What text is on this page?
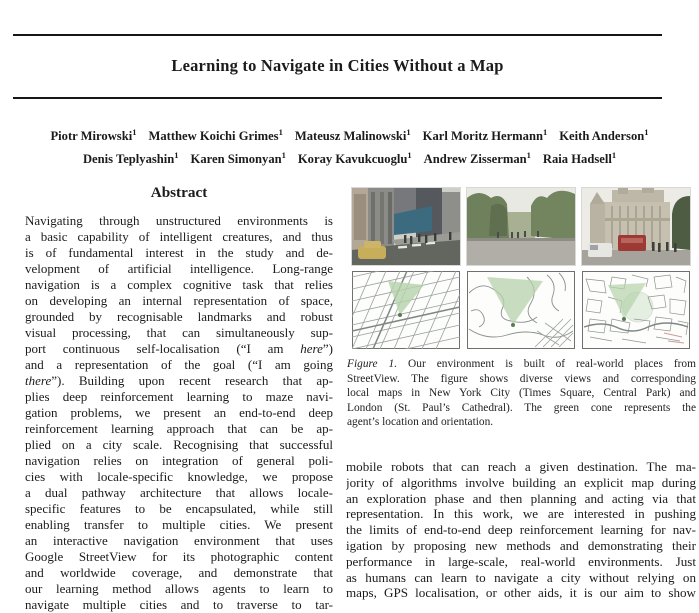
Learning to Navigate in Cities Without a Map
Piotr Mirowski$^1$ Matthew Koichi Grimes$^1$ Mateusz Malinowski$^1$ Karl Moritz Hermann$^1$ Keith Anderson$^1$
Denis Teplyashin$^1$ Karen Simonyan$^1$ Koray Kavukcuoglu$^1$ Andrew Zisserman$^1$ Raia Hadsell$^1$
Abstract
Navigating through unstructured environments is
a basic capability of intelligent creatures, and thus
is of fundamental interest in the study and de-
velopment of artificial intelligence. Long-range
navigation is a complex cognitive task that relies
on developing an internal representation of space,
grounded by recognisable landmarks and robust
visual processing, that can simultaneously sup-
port continuous self-localisation (“I am here”)
and a representation of the goal (“I am going
there”). Building upon recent research that ap-
plies deep reinforcement learning to maze navi-
gation problems, we present an end-to-end deep
reinforcement learning approach that can be ap-
plied on a city scale. Recognising that successful
navigation relies on integration of general poli-
cies with locale-specific knowledge, we propose
a dual pathway architecture that allows locale-
specific features to be encapsulated, while still
enabling transfer to multiple cities. We present
an interactive navigation environment that uses
Google StreetView for its photographic content
and worldwide coverage, and demonstrate that
our learning method allows agents to learn to
navigate multiple cities and to traverse to tar-
Figure 1. Our environment is built of real-world places from
StreetView. The figure shows diverse views and corresponding
local maps in New York City (Times Square, Central Park) and
London (St. Paul’s Cathedral). The green cone represents the
agent’s location and orientation.
mobile robots that can reach a given destination. The ma-
jority of algorithms involve building an explicit map during
an exploration phase and then planning and acting via that
representation. In this work, we are interested in pushing
the limits of end-to-end deep reinforcement learning for nav-
igation by proposing new methods and demonstrating their
performance in large-scale, real-world environments. Just
as humans can learn to navigate a city without relying on
maps, GPS localisation, or other aids, it is our aim to show
